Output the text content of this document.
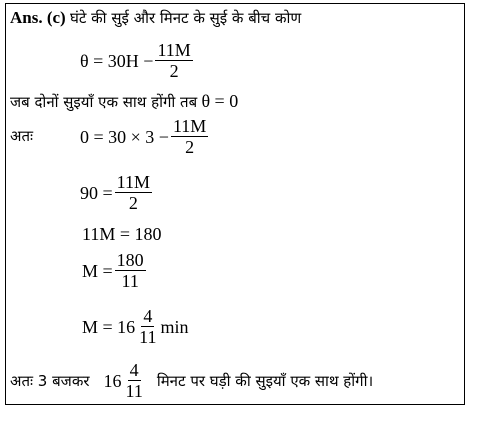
Ans. (c) घंटे की सुई और मिनट के सुई के बीच कोण
$\theta = 30H - \frac{11M}{2}$
जब दोनों सुइयाँ एक साथ होंगी तब θ = 0
अतः	$0 = 30 \times 3 - \frac{11M}{2}$
$90 = \frac{11M}{2}$
11M = 180
$M = \frac{180}{11}$
$M = 16 \frac{4}{11}$ min
अतः 3 बजकर $16 \frac{4}{11}$ मिनट पर घड़ी की सुइयाँ एक साथ होंगी।
